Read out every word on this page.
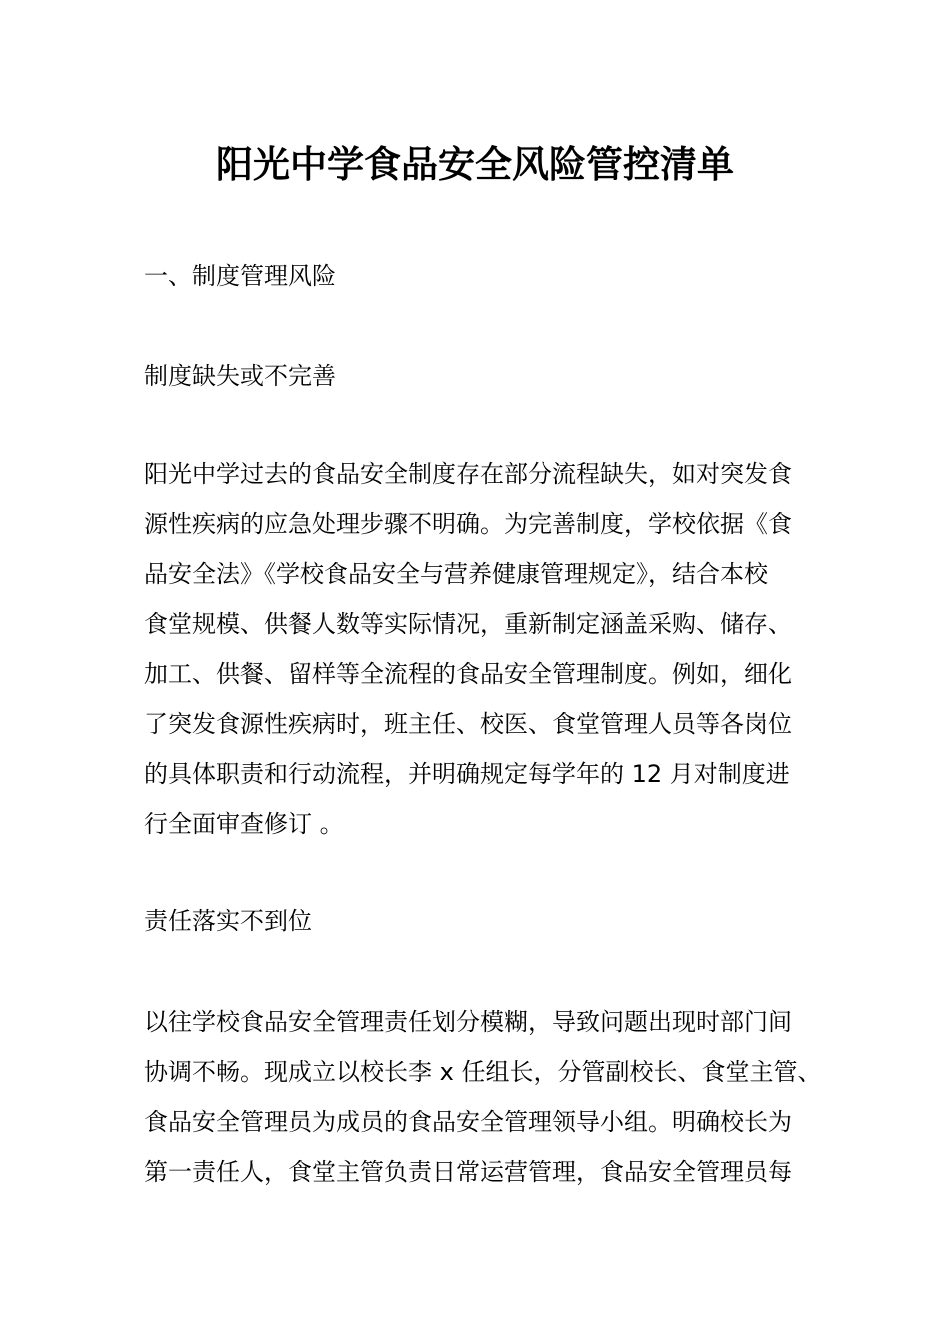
阳光中学食品安全风险管控清单
一、制度管理风险
制度缺失或不完善
阳光中学过去的食品安全制度存在部分流程缺失，如对突发食
源性疾病的应急处理步骤不明确。为完善制度，学校依据《食
品安全法》《学校食品安全与营养健康管理规定》，结合本校
食堂规模、供餐人数等实际情况，重新制定涵盖采购、储存、
加工、供餐、留样等全流程的食品安全管理制度。例如，细化
了突发食源性疾病时，班主任、校医、食堂管理人员等各岗位
的具体职责和行动流程，并明确规定每学年的 12 月对制度进
行全面审查修订 。
责任落实不到位
以往学校食品安全管理责任划分模糊，导致问题出现时部门间
协调不畅。现成立以校长李 x 任组长，分管副校长、食堂主管、
食品安全管理员为成员的食品安全管理领导小组。明确校长为
第一责任人，食堂主管负责日常运营管理，食品安全管理员每
